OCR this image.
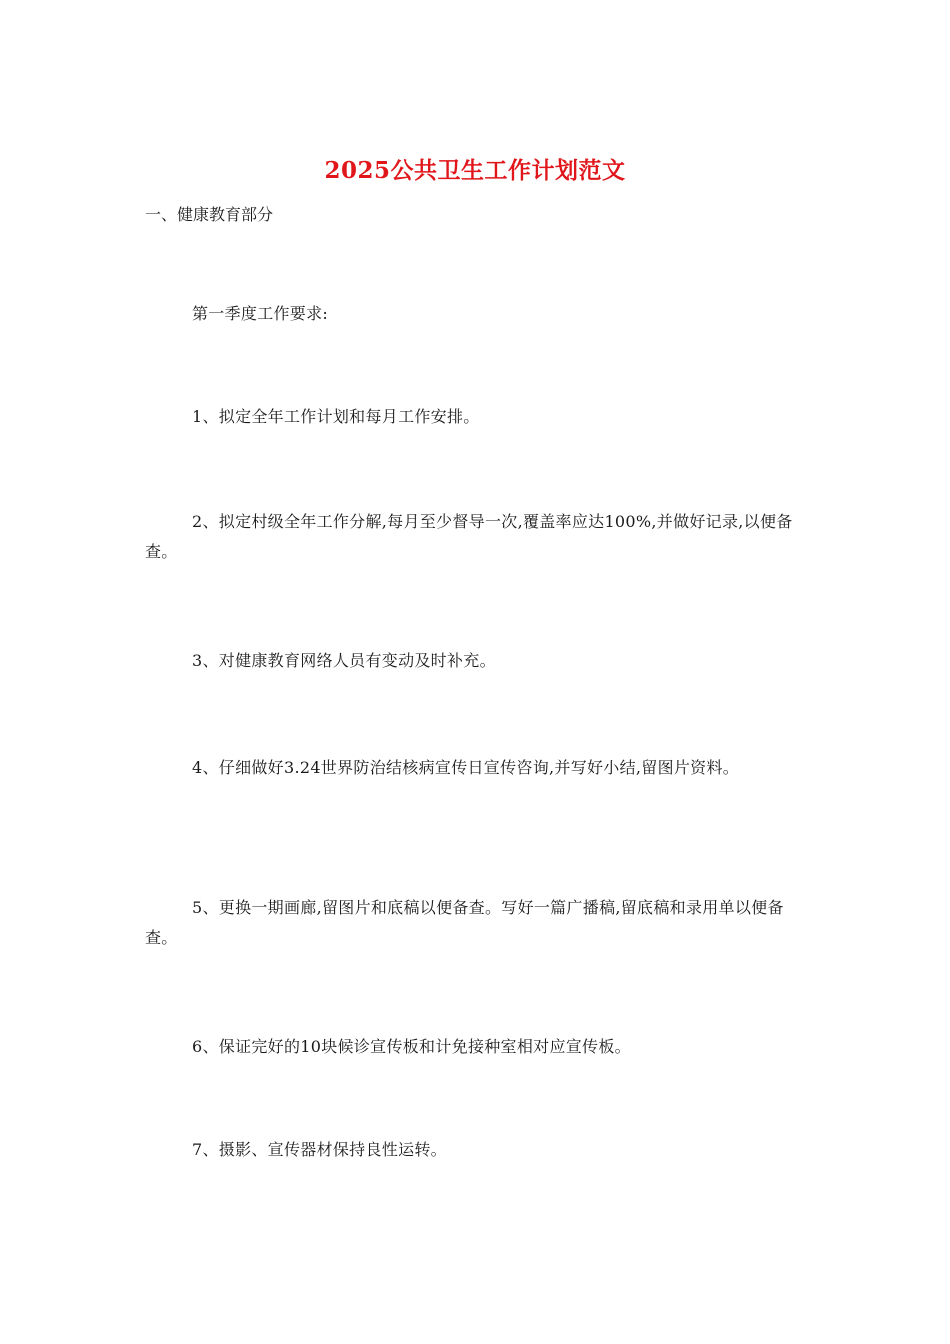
2025公共卫生工作计划范文

一、健康教育部分

第一季度工作要求:

1、拟定全年工作计划和每月工作安排。

2、拟定村级全年工作分解,每月至少督导一次,覆盖率应达100%,并做好记录,以便备查。

3、对健康教育网络人员有变动及时补充。

4、仔细做好3.24世界防治结核病宣传日宣传咨询,并写好小结,留图片资料。

5、更换一期画廊,留图片和底稿以便备查。写好一篇广播稿,留底稿和录用单以便备查。

6、保证完好的10块候诊宣传板和计免接种室相对应宣传板。

7、摄影、宣传器材保持良性运转。
